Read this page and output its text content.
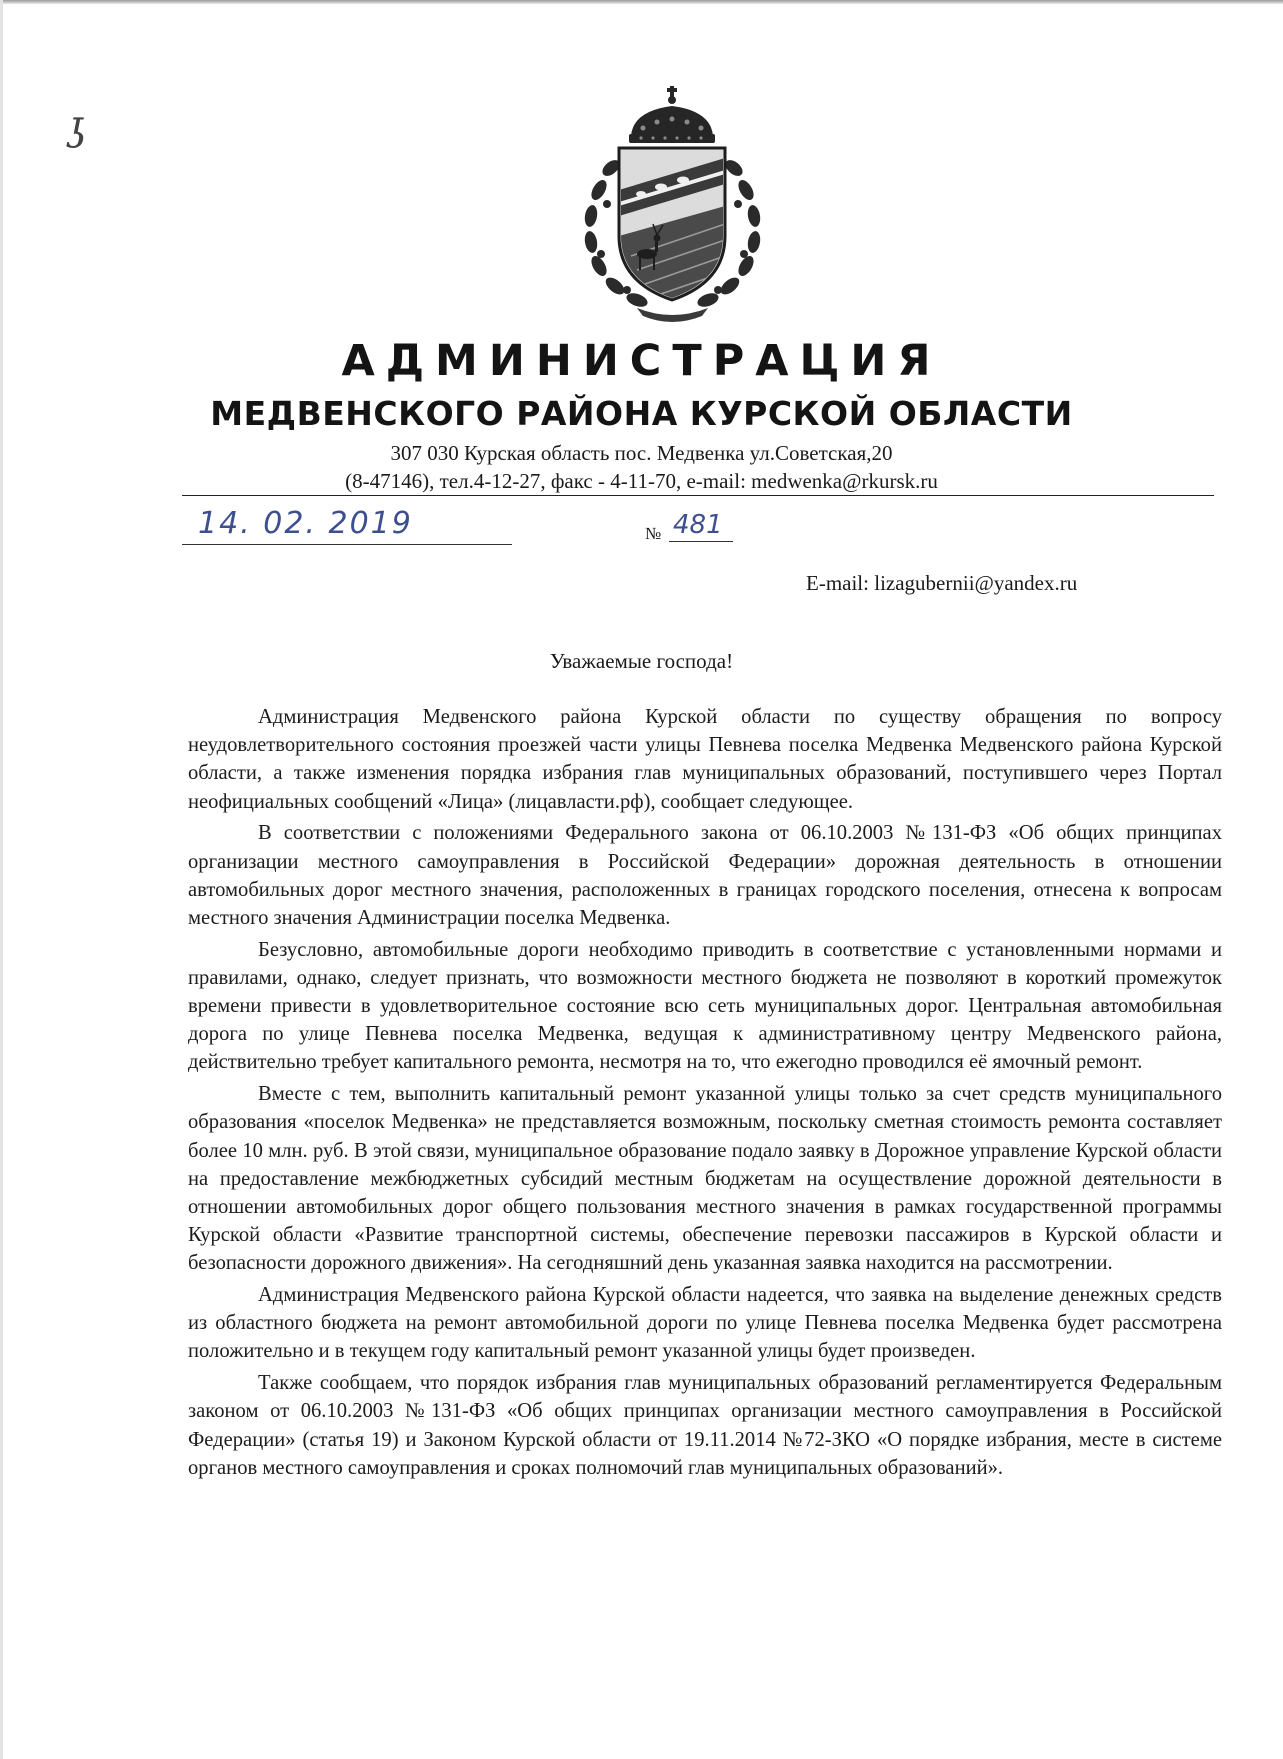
ʖ
АДМИНИСТРАЦИЯ
МЕДВЕНСКОГО РАЙОНА КУРСКОЙ ОБЛАСТИ
307 030 Курская область пос. Медвенка ул.Советская,20
(8-47146), тел.4-12-27, факс - 4-11-70, e-mail: medwenka@rkursk.ru
14. 02. 2019	№ 481
E-mail: lizagubernii@yandex.ru
Уважаемые господа!

Администрация Медвенского района Курской области по существу обращения по вопросу неудовлетворительного состояния проезжей части улицы Певнева поселка Медвенка Медвенского района Курской области, а также изменения порядка избрания глав муниципальных образований, поступившего через Портал неофициальных сообщений «Лица» (лицавласти.рф), сообщает следующее.

В соответствии с положениями Федерального закона от 06.10.2003 №131-ФЗ «Об общих принципах организации местного самоуправления в Российской Федерации» дорожная деятельность в отношении автомобильных дорог местного значения, расположенных в границах городского поселения, отнесена к вопросам местного значения Администрации поселка Медвенка.

Безусловно, автомобильные дороги необходимо приводить в соответствие с установленными нормами и правилами, однако, следует признать, что возможности местного бюджета не позволяют в короткий промежуток времени привести в удовлетворительное состояние всю сеть муниципальных дорог. Центральная автомобильная дорога по улице Певнева поселка Медвенка, ведущая к административному центру Медвенского района, действительно требует капитального ремонта, несмотря на то, что ежегодно проводился её ямочный ремонт.

Вместе с тем, выполнить капитальный ремонт указанной улицы только за счет средств муниципального образования «поселок Медвенка» не представляется возможным, поскольку сметная стоимость ремонта составляет более 10 млн. руб. В этой связи, муниципальное образование подало заявку в Дорожное управление Курской области на предоставление межбюджетных субсидий местным бюджетам на осуществление дорожной деятельности в отношении автомобильных дорог общего пользования местного значения в рамках государственной программы Курской области «Развитие транспортной системы, обеспечение перевозки пассажиров в Курской области и безопасности дорожного движения». На сегодняшний день указанная заявка находится на рассмотрении.

Администрация Медвенского района Курской области надеется, что заявка на выделение денежных средств из областного бюджета на ремонт автомобильной дороги по улице Певнева поселка Медвенка будет рассмотрена положительно и в текущем году капитальный ремонт указанной улицы будет произведен.

Также сообщаем, что порядок избрания глав муниципальных образований регламентируется Федеральным законом от 06.10.2003 №131-ФЗ «Об общих принципах организации местного самоуправления в Российской Федерации» (статья 19) и Законом Курской области от 19.11.2014 №72-ЗКО «О порядке избрания, месте в системе органов местного самоуправления и сроках полномочий глав муниципальных образований».
